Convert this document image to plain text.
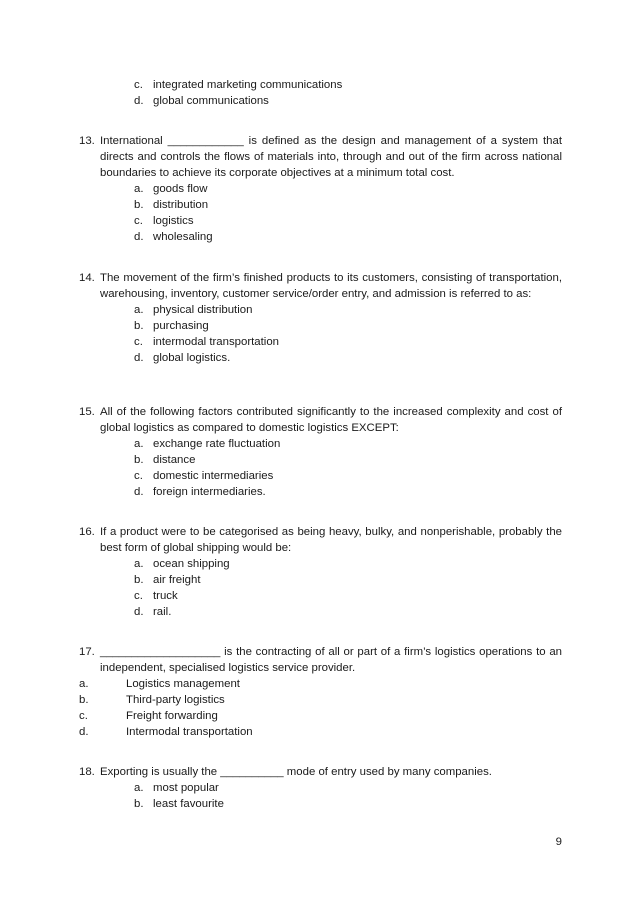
c. integrated marketing communications
d. global communications
13. International ____________ is defined as the design and management of a system that directs and controls the flows of materials into, through and out of the firm across national boundaries to achieve its corporate objectives at a minimum total cost.
a. goods flow
b. distribution
c. logistics
d. wholesaling
14. The movement of the firm’s finished products to its customers, consisting of transportation, warehousing, inventory, customer service/order entry, and admission is referred to as:
a. physical distribution
b. purchasing
c. intermodal transportation
d. global logistics.
15. All of the following factors contributed significantly to the increased complexity and cost of global logistics as compared to domestic logistics EXCEPT:
a. exchange rate fluctuation
b. distance
c. domestic intermediaries
d. foreign intermediaries.
16. If a product were to be categorised as being heavy, bulky, and nonperishable, probably the best form of global shipping would be:
a. ocean shipping
b. air freight
c. truck
d. rail.
17. ___________________ is the contracting of all or part of a firm’s logistics operations to an independent, specialised logistics service provider.
a.	Logistics management
b.	Third-party logistics
c.	Freight forwarding
d.	Intermodal transportation
18. Exporting is usually the __________ mode of entry used by many companies.
a. most popular
b. least favourite
9
